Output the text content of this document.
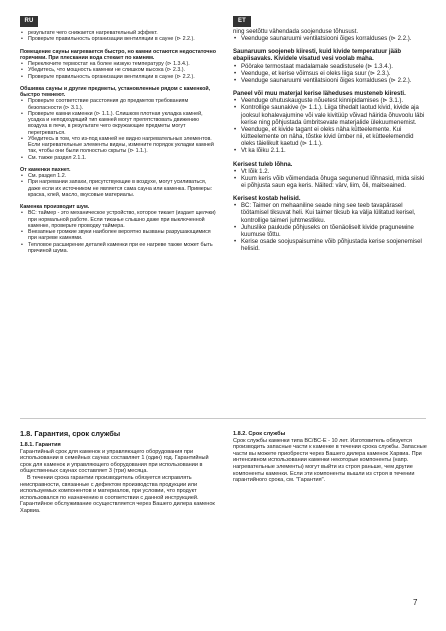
RU	ET
• результате чего снижается нагревательный эффект.
• Проверьте правильность организации вентиляции в сауне (⊳ 2.2.).

Помещение сауны нагревается быстро, но камни остаются недостаточно горячими. При плескании вода стекает по камням.

• Переключите термостат на более низкую температуру (⊳ 1.3.4.).
• Убедитесь, что мощность каменки не слишком высока (⊳ 2.3.).
• Проверьте правильность организации вентиляции в сауне (⊳ 2.2.).

Обшивка сауны и другие предметы, установленные рядом с каменкой, быстро темнеют.

• Проверьте соответствие расстояния до предметов требованиям безопасности (⊳ 3.1.).
• Проверьте камни каменки (⊳ 1.1.). Слишком плотная укладка камней, усадка и неподходящий тип камней могут препятствовать движению воздуха в печи, в результате чего окружающие предметы могут перегреваться.
• Убедитесь в том, что из-под камней не видно нагревательных элементов. Если нагревательные элементы видны, измените порядок укладки камней так, чтобы они были полностью скрыты (⊳ 1.1.).
• См. также раздел 2.1.1.

От каменки пахнет.

• См. раздел 1.2.
• При нагревании запахи, присутствующие в воздухе, могут усиливаться, даже если их источником не является сама сауна или каменка. Примеры: краска, клей, масло, вкусовые материалы.

Каменка производит шум.

• ВС: таймер - это механическое устройство, которое тикает (издает щелчки) при нормальной работе. Если тиканье слышно даже при выключенной каменке, проверьте проводку таймера.
• Внезапные громкие звуки наиболее вероятно вызваны разрушающимися при нагреве камнями.
• Тепловое расширение деталей каменки при ее нагреве также может быть причиной шума.

ning seetõttu vähendada soojenduse tõhusust.

• Veenduge saunaruumi ventilatsiooni õiges korralduses (⊳ 2.2.).

Saunaruum soojeneb kiiresti, kuid kivide temperatuur jääb ebapiisavaks. Kividele visatud vesi voolab maha.

• Pöörake termostaat madalamale seadistusele (⊳ 1.3.4.).
• Veenduge, et kerise võimsus ei oleks liiga suur (⊳ 2.3.).
• Veenduge saunaruumi ventilatsiooni õiges korralduses (⊳ 2.2.).

Paneel või muu materjal kerise läheduses musteneb kiiresti.

• Veenduge ohutuskauguste nõuetest kinnipidamises (⊳ 3.1.).
• Kontrollige saunakive (⊳ 1.1.). Liiga tihedalt laotud kivid, kivide aja jooksul kohalevajumine või vale kivitüüp võivad häirida õhuvoolu läbi kerise ning põhjustada ümbritsevate materjalide ülekuumenemist.
• Veenduge, et kivide tagant ei oleks näha kütteelemente. Kui kütteelemente on näha, tõstke kivid ümber nii, et kütteelemendid oleks täielikult kaetud (⊳ 1.1.).
• Vt ka lõiku 2.1.1.

Kerisest tuleb lõhna.

• Vt lõik 1.2.
• Kuum keris võib võimendada õhuga segunenud lõhnasid, mida siiski ei põhjusta saun ega keris. Näited: värv, liim, õli, maitseained.

Kerisest kostab helisid.

• BC: Taimer on mehaaniline seade ning see teeb tavapärasel töötamisel tiksuvat heli. Kui taimer tiksub ka välja lülitatud kerisel, kontrollige taimeri juhtmestikku.
• Juhuslike paukude põhjuseks on tõenäoliselt kivide praguneмine kuumuse tõttu.
• Kerise osade soojuspaisumine võib põhjustada kerise soojenemisel helisid.

1.8. Гарантия, срок службы

1.8.1. Гарантия

Гарантийный срок для каменок и управляющего оборудования при использовании в семейных саунах составляет 1 (один) год. Гарантийный срок для каменок и управляющего оборудования при использовании в общественных саунах составляет 3 (три) месяца.

В течении срока гарантии производитель обязуется исправлять неисправности, связанные с дефектом производства продукции или используемых компонентов и материалов, при условии, что продукт использовался по назначению в соответствии с данной инструкцией. Гарантийное обслуживание осуществляется через Вашего дилера каменок Харвиа.

1.8.2. Срок службы

Срок службы каменки типа ВС/ВС-Е - 10 лет. Изготовитель обязуется производить запасные части к каменке в течении срока службы. Запасные части вы можете приобрести через Вашего дилера каменок Харвиа. При интенсивном использовании каменки некоторые компоненты (напр. нагревательные элементы) могут выйти из строя раньше, чем другие компоненты каменки. Если эти компоненты вышли из строя в течении гарантийного срока, см. "Гарантия".

7
